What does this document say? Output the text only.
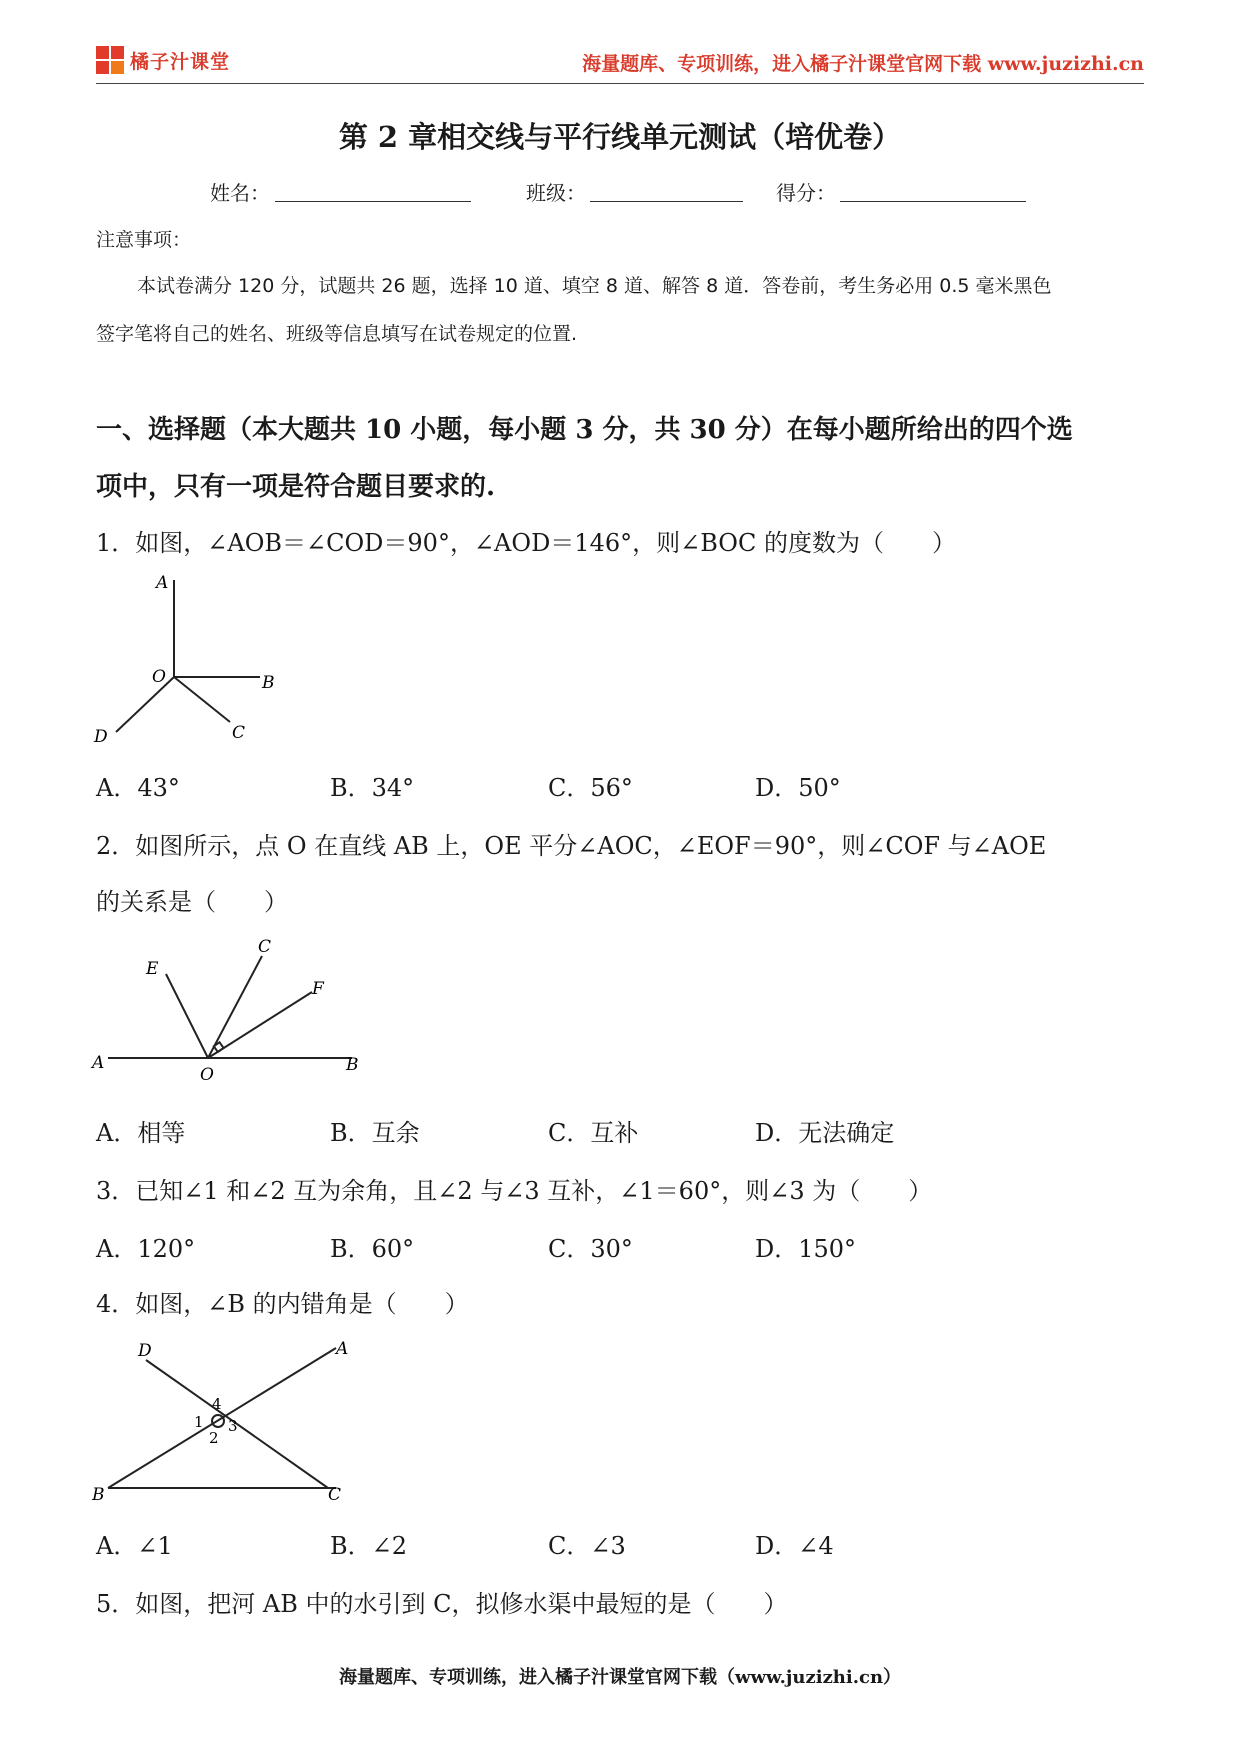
橘子汁课堂	海量题库、专项训练，进入橘子汁课堂官网下载 www.juzizhi.cn
第 2 章相交线与平行线单元测试（培优卷）
姓名：	班级：	得分：
注意事项：
本试卷满分 120 分，试题共 26 题，选择 10 道、填空 8 道、解答 8 道．答卷前，考生务必用 0.5 毫米黑色
签字笔将自己的姓名、班级等信息填写在试卷规定的位置.
一、选择题（本大题共 10 小题，每小题 3 分，共 30 分）在每小题所给出的四个选
项中，只有一项是符合题目要求的.
1．如图，∠AOB＝∠COD＝90°，∠AOD＝146°，则∠BOC 的度数为（　　）
A
O	B
D	C
A．43°	B．34°	C．56°	D．50°
2．如图所示，点 O 在直线 AB 上，OE 平分∠AOC，∠EOF＝90°，则∠COF 与∠AOE
的关系是（　　）
E
C
F
A
O	B
A．相等	B．互余	C．互补	D．无法确定
3．已知∠1 和∠2 互为余角，且∠2 与∠3 互补，∠1＝60°，则∠3 为（　　）
A．120°	B．60°	C．30°	D．150°
4．如图，∠B 的内错角是（　　）
D	A
4
1 3
2
B	C
A．∠1	B．∠2	C．∠3	D．∠4
5．如图，把河 AB 中的水引到 C，拟修水渠中最短的是（　　）
海量题库、专项训练，进入橘子汁课堂官网下载（www.juzizhi.cn）
